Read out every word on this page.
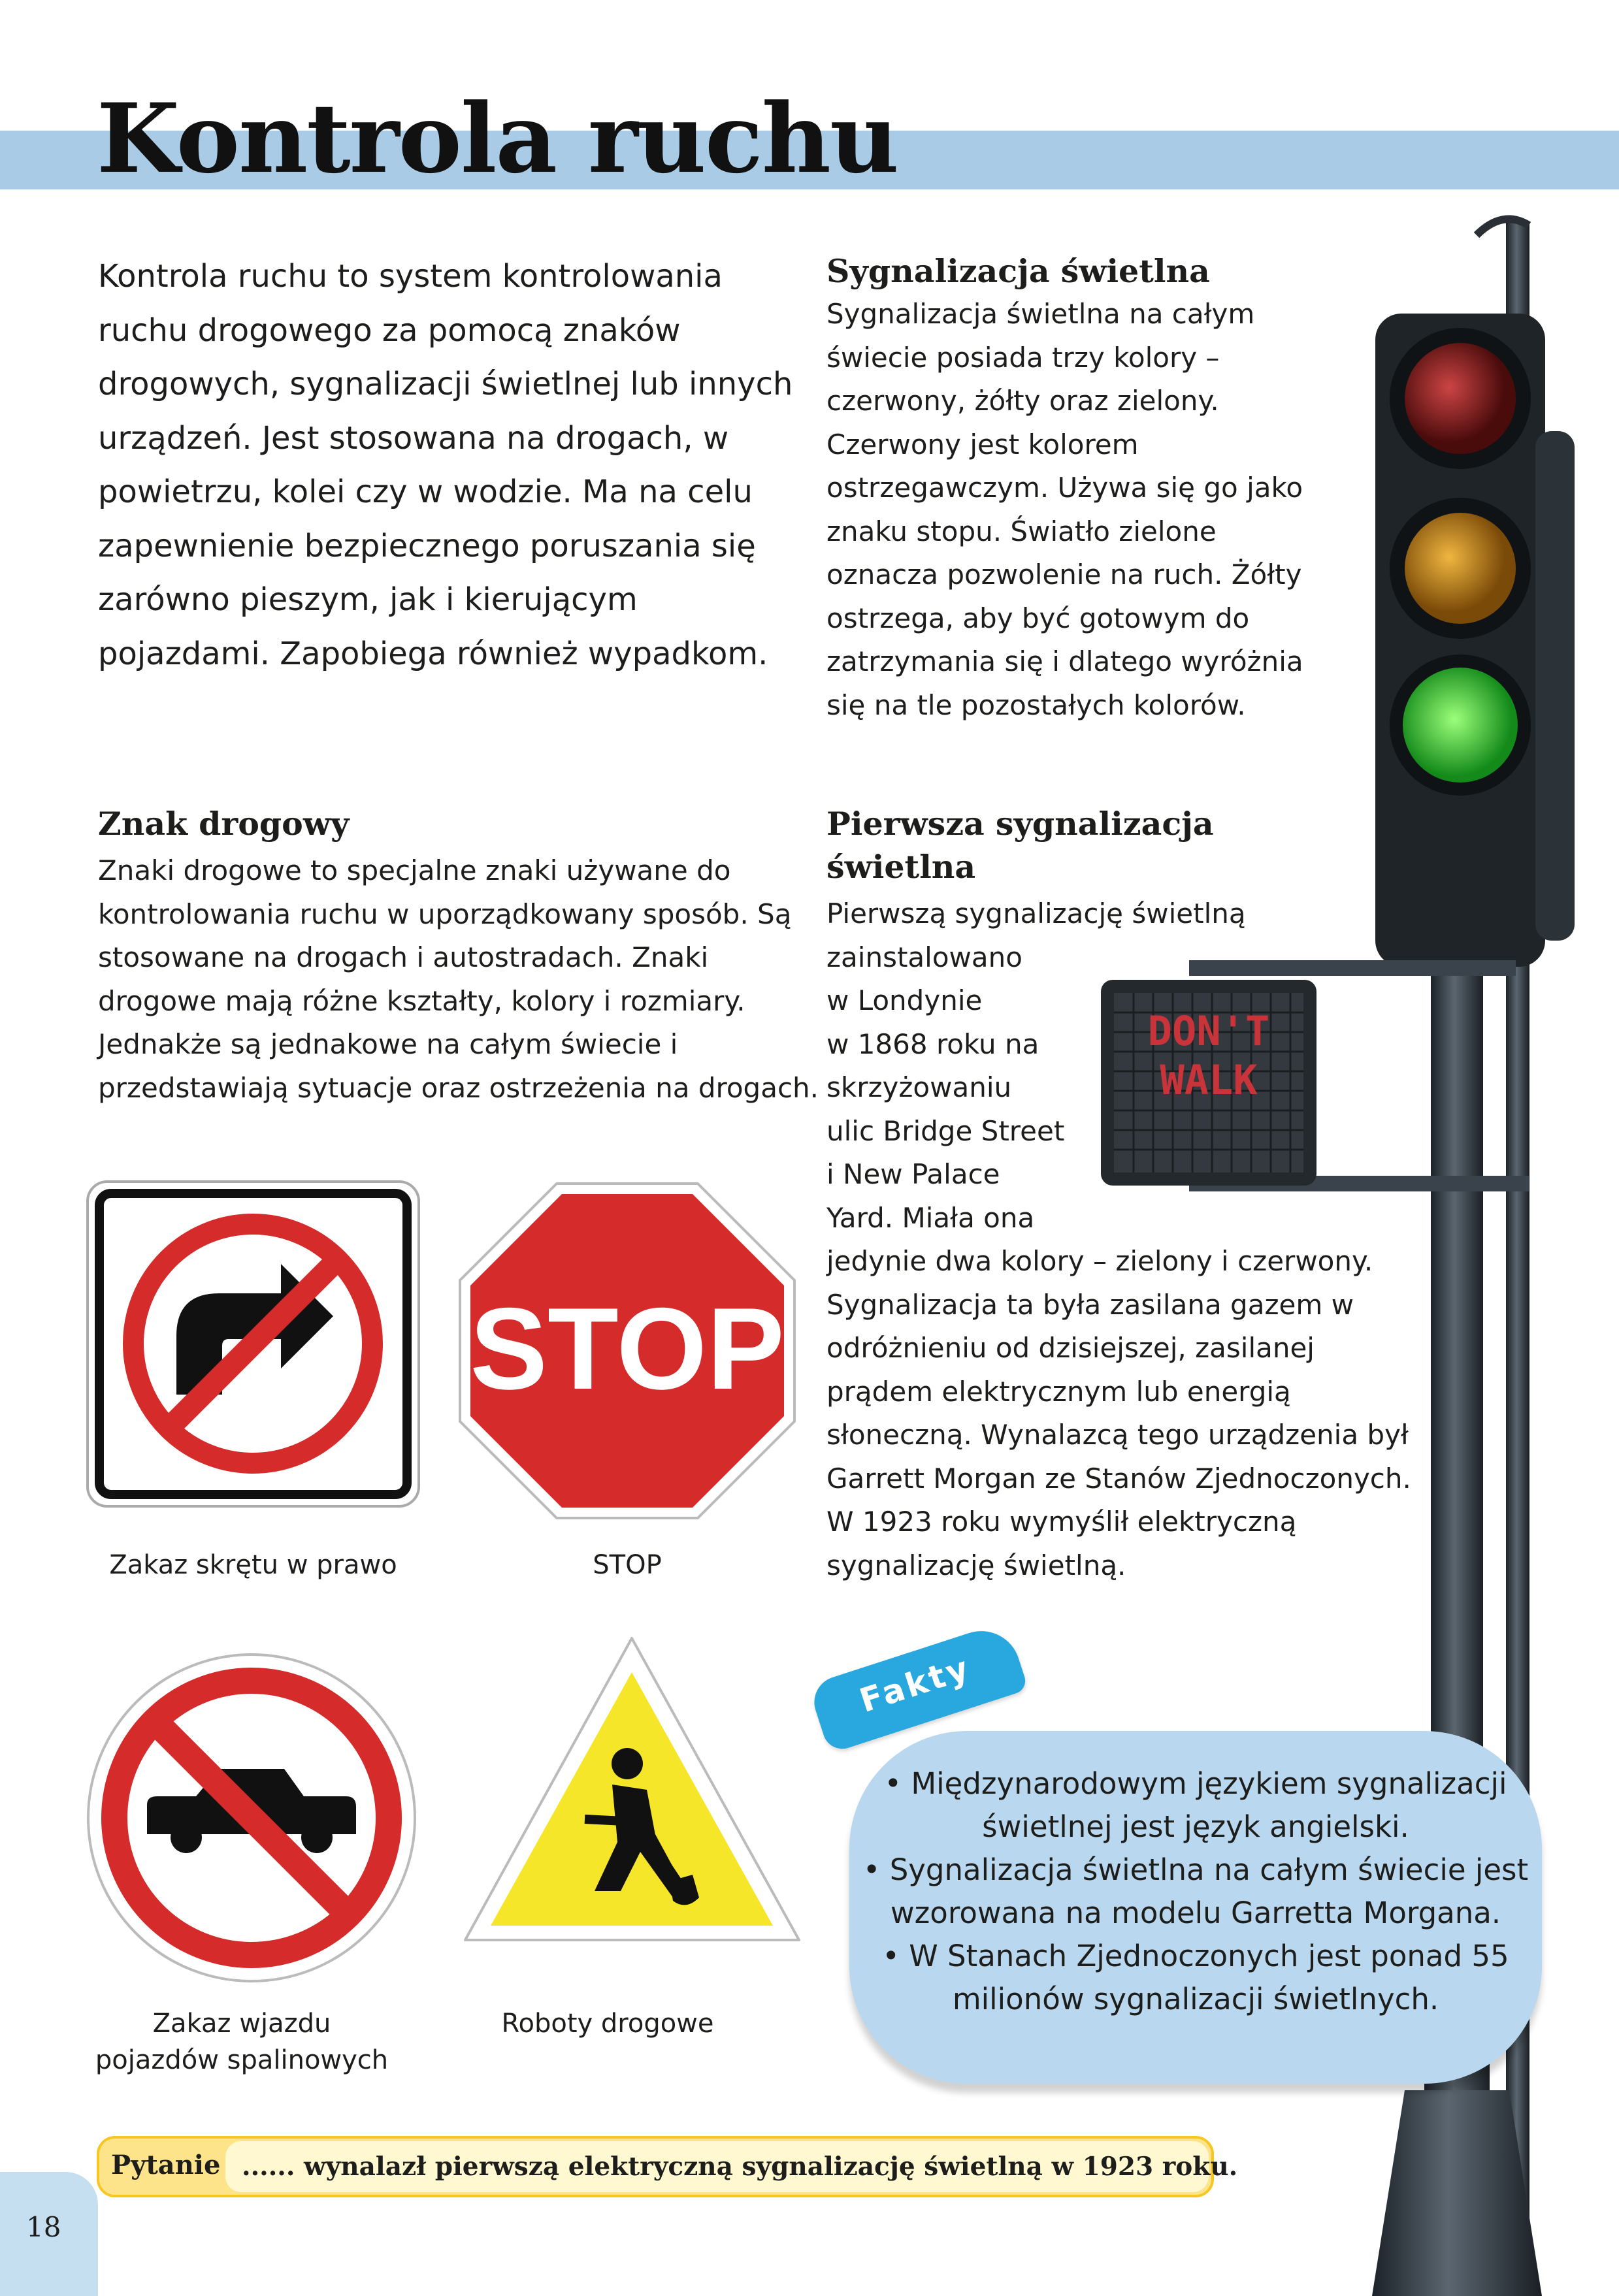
Kontrola ruchu

Kontrola ruchu to system kontrolowania ruchu drogowego za pomocą znaków drogowych, sygnalizacji świetlnej lub innych urządzeń. Jest stosowana na drogach, w powietrzu, kolei czy w wodzie. Ma na celu zapewnienie bezpiecznego poruszania się zarówno pieszym, jak i kierującym pojazdami. Zapobiega również wypadkom.

Znak drogowy

Znaki drogowe to specjalne znaki używane do kontrolowania ruchu w uporządkowany sposób. Są stosowane na drogach i autostradach. Znaki drogowe mają różne kształty, kolory i rozmiary. Jednakże są jednakowe na całym świecie i przedstawiają sytuacje oraz ostrzeżenia na drogach.

STOP
Zakaz skrętu w prawo	STOP
Zakaz wjazdu
pojazdów spalinowych
Roboty drogowe
DON'T
WALK
Sygnalizacja świetlna

Sygnalizacja świetlna na całym świecie posiada trzy kolory – czerwony, żółty oraz zielony. Czerwony jest kolorem ostrzegawczym. Używa się go jako znaku stopu. Światło zielone oznacza pozwolenie na ruch. Żółty ostrzega, aby być gotowym do zatrzymania się i dlatego wyróżnia się na tle pozostałych kolorów.

Pierwsza sygnalizacja
świetlna
Pierwszą sygnalizację świetlną
zainstalowano
w Londynie
w 1868 roku na
skrzyżowaniu
ulic Bridge Street
i New Palace
Yard. Miała ona

jedynie dwa kolory – zielony i czerwony. Sygnalizacja ta była zasilana gazem w odróżnieniu od dzisiejszej, zasilanej prądem elektrycznym lub energią słoneczną. Wynalazcą tego urządzenia był Garrett Morgan ze Stanów Zjednoczonych. W 1923 roku wymyślił elektryczną sygnalizację świetlną.

Fakty
• Międzynarodowym językiem sygnalizacji świetlnej jest język angielski.
• Sygnalizacja świetlna na całym świecie jest wzorowana na modelu Garretta Morgana.
• W Stanach Zjednoczonych jest ponad 55 milionów sygnalizacji świetlnych.
Pytanie ...... wynalazł pierwszą elektryczną sygnalizację świetlną w 1923 roku.
18
